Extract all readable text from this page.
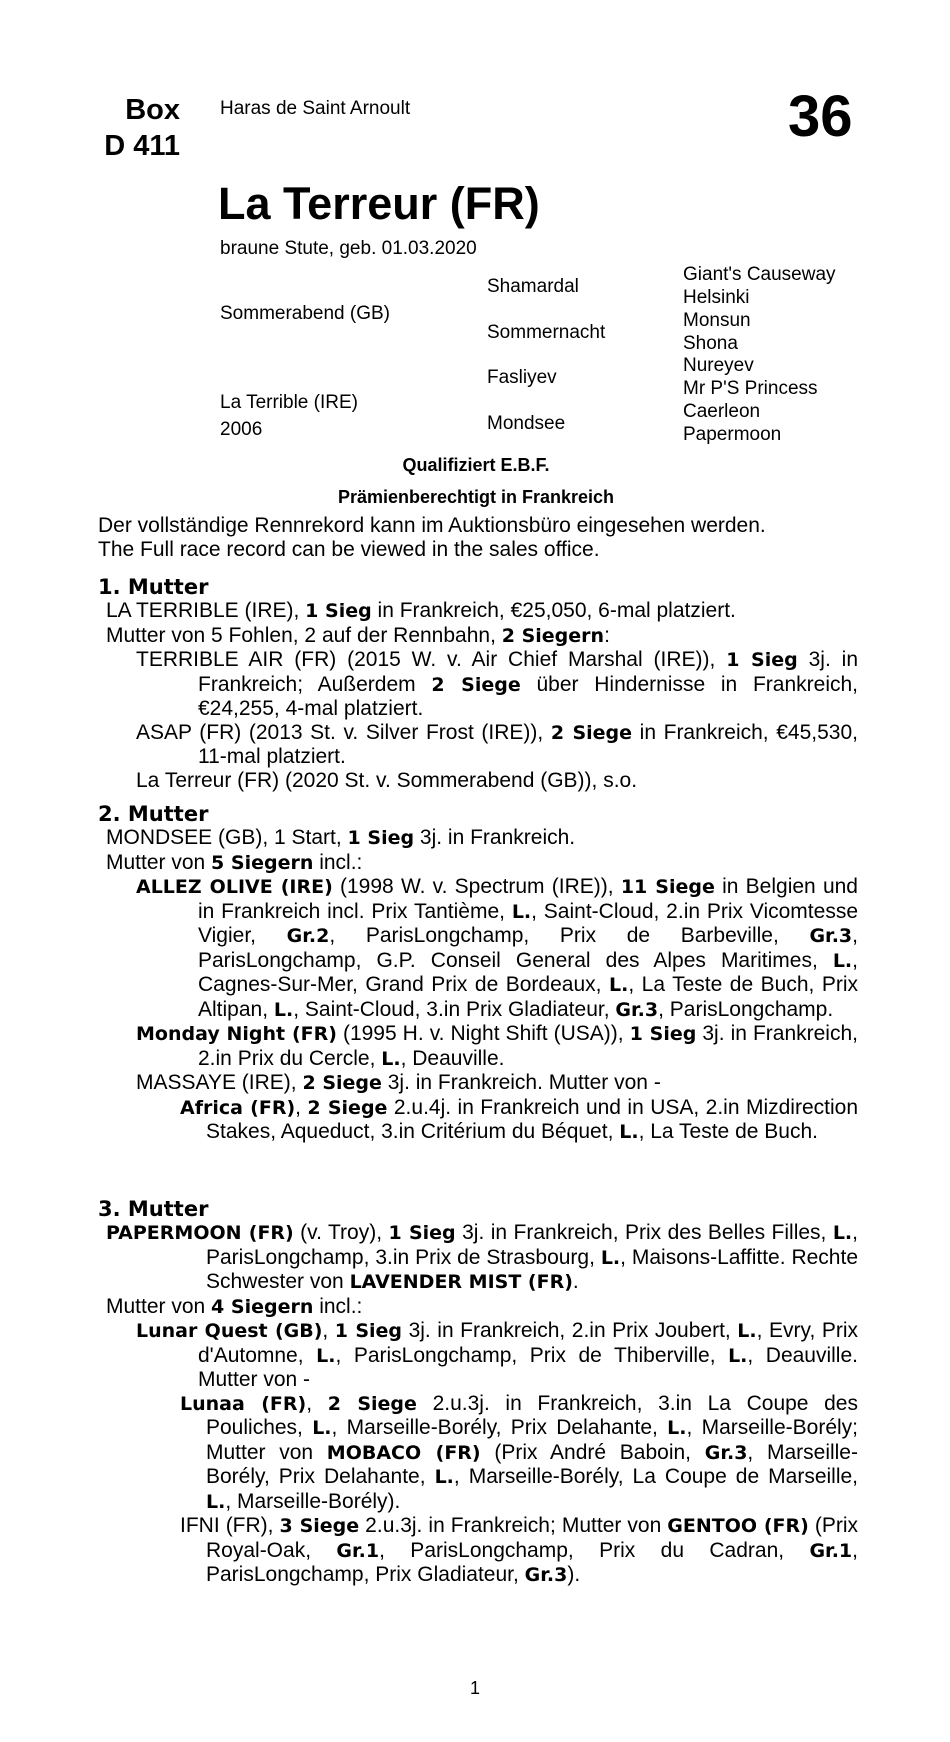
Box
D 411
Haras de Saint Arnoult	36
La Terreur (FR)
braune Stute, geb. 01.03.2020
Sommerabend (GB)
La Terrible (IRE)
2006
Shamardal
Sommernacht
Fasliyev
Mondsee
Giant's Causeway
Helsinki
Monsun
Shona
Nureyev
Mr P'S Princess
Caerleon
Papermoon
Qualifiziert E.B.F.
Prämienberechtigt in Frankreich
Der vollständige Rennrekord kann im Auktionsbüro eingesehen werden.
The Full race record can be viewed in the sales office.
1. Mutter

LA TERRIBLE (IRE), 1 Sieg in Frankreich, €25,050, 6-mal platziert.

Mutter von 5 Fohlen, 2 auf der Rennbahn, 2 Siegern:

TERRIBLE AIR (FR) (2015 W. v. Air Chief Marshal (IRE)), 1 Sieg 3j. in Frankreich; Außerdem 2 Siege über Hindernisse in Frankreich, €24,255, 4-mal platziert.

ASAP (FR) (2013 St. v. Silver Frost (IRE)), 2 Siege in Frankreich, €45,530, 11-mal platziert.

La Terreur (FR) (2020 St. v. Sommerabend (GB)), s.o.

2. Mutter

MONDSEE (GB), 1 Start, 1 Sieg 3j. in Frankreich.

Mutter von 5 Siegern incl.:

ALLEZ OLIVE (IRE) (1998 W. v. Spectrum (IRE)), 11 Siege in Belgien und in Frankreich incl. Prix Tantième, L., Saint-Cloud, 2.in Prix Vicomtesse Vigier, Gr.2, ParisLongchamp, Prix de Barbeville, Gr.3, ParisLongchamp, G.P. Conseil General des Alpes Maritimes, L., Cagnes-Sur-Mer, Grand Prix de Bordeaux, L., La Teste de Buch, Prix Altipan, L., Saint-Cloud, 3.in Prix Gladiateur, Gr.3, ParisLongchamp.

Monday Night (FR) (1995 H. v. Night Shift (USA)), 1 Sieg 3j. in Frankreich, 2.in Prix du Cercle, L., Deauville.

MASSAYE (IRE), 2 Siege 3j. in Frankreich. Mutter von -

Africa (FR), 2 Siege 2.u.4j. in Frankreich und in USA, 2.in Mizdirection Stakes, Aqueduct, 3.in Critérium du Béquet, L., La Teste de Buch.

3. Mutter

PAPERMOON (FR) (v. Troy), 1 Sieg 3j. in Frankreich, Prix des Belles Filles, L., ParisLongchamp, 3.in Prix de Strasbourg, L., Maisons-Laffitte. Rechte Schwester von LAVENDER MIST (FR).

Mutter von 4 Siegern incl.:

Lunar Quest (GB), 1 Sieg 3j. in Frankreich, 2.in Prix Joubert, L., Evry, Prix d'Automne, L., ParisLongchamp, Prix de Thiberville, L., Deauville. Mutter von -

Lunaa (FR), 2 Siege 2.u.3j. in Frankreich, 3.in La Coupe des Pouliches, L., Marseille-Borély, Prix Delahante, L., Marseille-Borély; Mutter von MOBACO (FR) (Prix André Baboin, Gr.3, Marseille-Borély, Prix Delahante, L., Marseille-Borély, La Coupe de Marseille, L., Marseille-Borély).

IFNI (FR), 3 Siege 2.u.3j. in Frankreich; Mutter von GENTOO (FR) (Prix Royal-Oak, Gr.1, ParisLongchamp, Prix du Cadran, Gr.1, ParisLongchamp, Prix Gladiateur, Gr.3).

1
